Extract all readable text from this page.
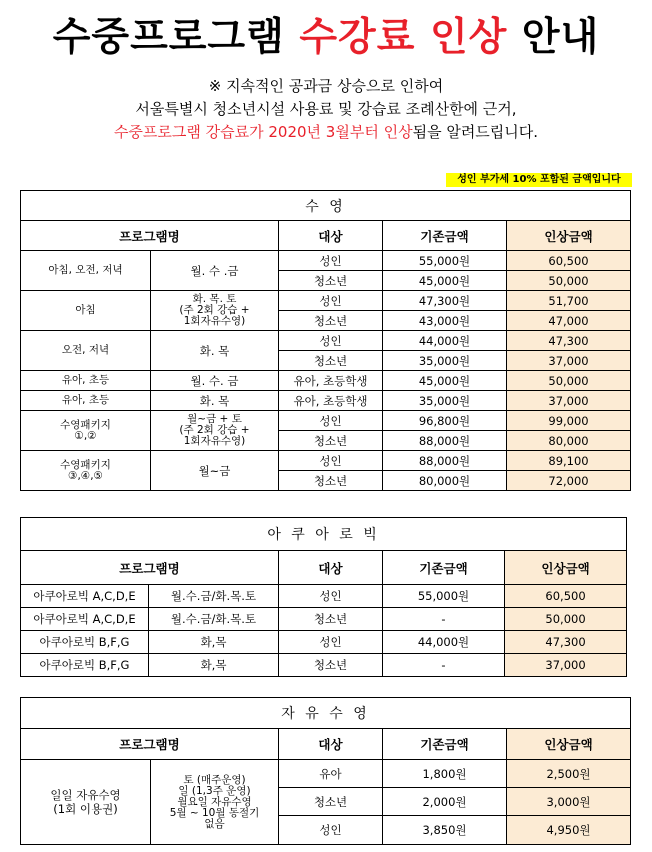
수중프로그램 수강료 인상 안내
※ 지속적인 공과금 상승으로 인하여
서울특별시 청소년시설 사용료 및 강습료 조례산한에 근거,
수중프로그램 강습료가 2020년 3월부터 인상됨을 알려드립니다.
성인 부가세 10% 포함된 금액입니다
수 영				
프로그램명		대상	기존금액	인상금액
아침, 오전, 저녁	월. 수 .금	성인	55,000원	60,500
		청소년	45,000원	50,000
아침	화. 목. 토
(주 2회 강습 +
1회자유수영)	성인	47,300원	51,700
		청소년	43,000원	47,000
오전, 저녁	화. 목	성인	44,000원	47,300
		청소년	35,000원	37,000
유아, 초등	월. 수. 금	유아, 초등학생	45,000원	50,000
유아, 초등	화. 목	유아, 초등학생	35,000원	37,000
수영패키지
①,②	월~금 + 토
(주 2회 강습 +
1회자유수영)	성인	96,800원	99,000
		청소년	88,000원	80,000
수영패키지
③,④,⑤	월~금	성인	88,000원	89,100
		청소년	80,000원	72,000
아 쿠 아 로 빅				
프로그램명		대상	기존금액	인상금액
아쿠아로빅 A,C,D,E	월.수.금/화.목.토	성인	55,000원	60,500
아쿠아로빅 A,C,D,E	월.수.금/화.목.토	청소년	-	50,000
아쿠아로빅 B,F,G	화,목	성인	44,000원	47,300
아쿠아로빅 B,F,G	화,목	청소년	-	37,000
자 유 수 영				
프로그램명		대상	기존금액	인상금액
일일 자유수영
(1회 이용권)	토 (매주운영)
일 (1,3주 운영)
월요일 자유수영
5월 ~ 10월 동절기
없음	유아	1,800원	2,500원
		청소년	2,000원	3,000원
		성인	3,850원	4,950원
